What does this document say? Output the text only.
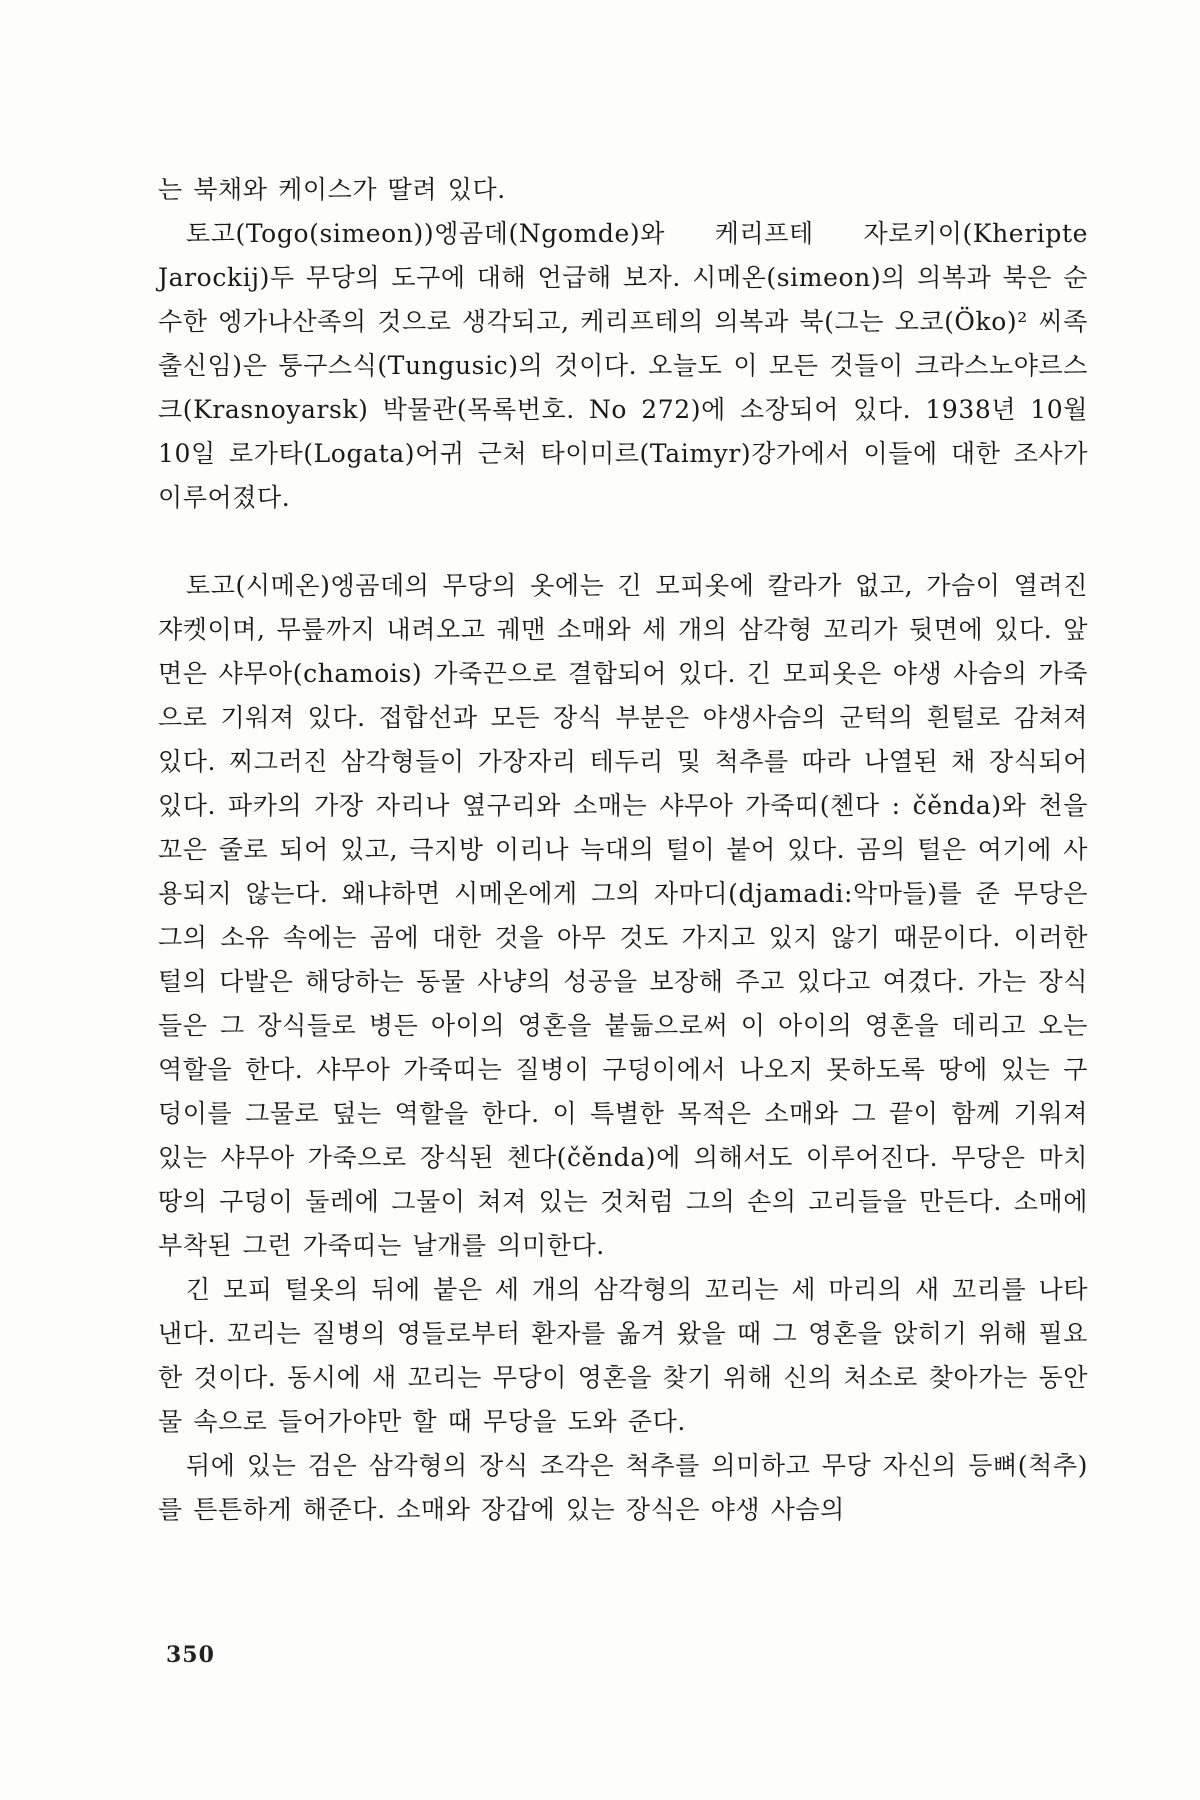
는 북채와 케이스가 딸려 있다.

토고(Togo(simeon))엥곰데(Ngomde)와 케리프테 자로키이(Kheripte Jarockij)두 무당의 도구에 대해 언급해 보자. 시메온(simeon)의 의복과 북은 순수한 엥가나산족의 것으로 생각되고, 케리프테의 의복과 북(그는 오코(Öko)² 씨족출신임)은 퉁구스식(Tungusic)의 것이다. 오늘도 이 모든 것들이 크라스노야르스크(Krasnoyarsk) 박물관(목록번호. No 272)에 소장되어 있다. 1938년 10월 10일 로가타(Logata)어귀 근처 타이미르(Taimyr)강가에서 이들에 대한 조사가 이루어졌다.

토고(시메온)엥곰데의 무당의 옷에는 긴 모피옷에 칼라가 없고, 가슴이 열려진 쟈켓이며, 무릎까지 내려오고 궤맨 소매와 세 개의 삼각형 꼬리가 뒷면에 있다. 앞면은 샤무아(chamois) 가죽끈으로 결합되어 있다. 긴 모피옷은 야생 사슴의 가죽으로 기워져 있다. 접합선과 모든 장식 부분은 야생사슴의 군턱의 흰털로 감쳐져 있다. 찌그러진 삼각형들이 가장자리 테두리 및 척추를 따라 나열된 채 장식되어 있다. 파카의 가장 자리나 옆구리와 소매는 샤무아 가죽띠(첸다 : čěnda)와 천을 꼬은 줄로 되어 있고, 극지방 이리나 늑대의 털이 붙어 있다. 곰의 털은 여기에 사용되지 않는다. 왜냐하면 시메온에게 그의 자마디(djamadi:악마들)를 준 무당은 그의 소유 속에는 곰에 대한 것을 아무 것도 가지고 있지 않기 때문이다. 이러한 털의 다발은 해당하는 동물 사냥의 성공을 보장해 주고 있다고 여겼다. 가는 장식들은 그 장식들로 병든 아이의 영혼을 붙듦으로써 이 아이의 영혼을 데리고 오는 역할을 한다. 샤무아 가죽띠는 질병이 구덩이에서 나오지 못하도록 땅에 있는 구덩이를 그물로 덮는 역할을 한다. 이 특별한 목적은 소매와 그 끝이 함께 기워져 있는 샤무아 가죽으로 장식된 첸다(čěnda)에 의해서도 이루어진다. 무당은 마치 땅의 구덩이 둘레에 그물이 쳐져 있는 것처럼 그의 손의 고리들을 만든다. 소매에 부착된 그런 가죽띠는 날개를 의미한다.

긴 모피 털옷의 뒤에 붙은 세 개의 삼각형의 꼬리는 세 마리의 새 꼬리를 나타낸다. 꼬리는 질병의 영들로부터 환자를 옮겨 왔을 때 그 영혼을 앉히기 위해 필요한 것이다. 동시에 새 꼬리는 무당이 영혼을 찾기 위해 신의 처소로 찾아가는 동안 물 속으로 들어가야만 할 때 무당을 도와 준다.

뒤에 있는 검은 삼각형의 장식 조각은 척추를 의미하고 무당 자신의 등뼈(척추)를 튼튼하게 해준다. 소매와 장갑에 있는 장식은 야생 사슴의

350
